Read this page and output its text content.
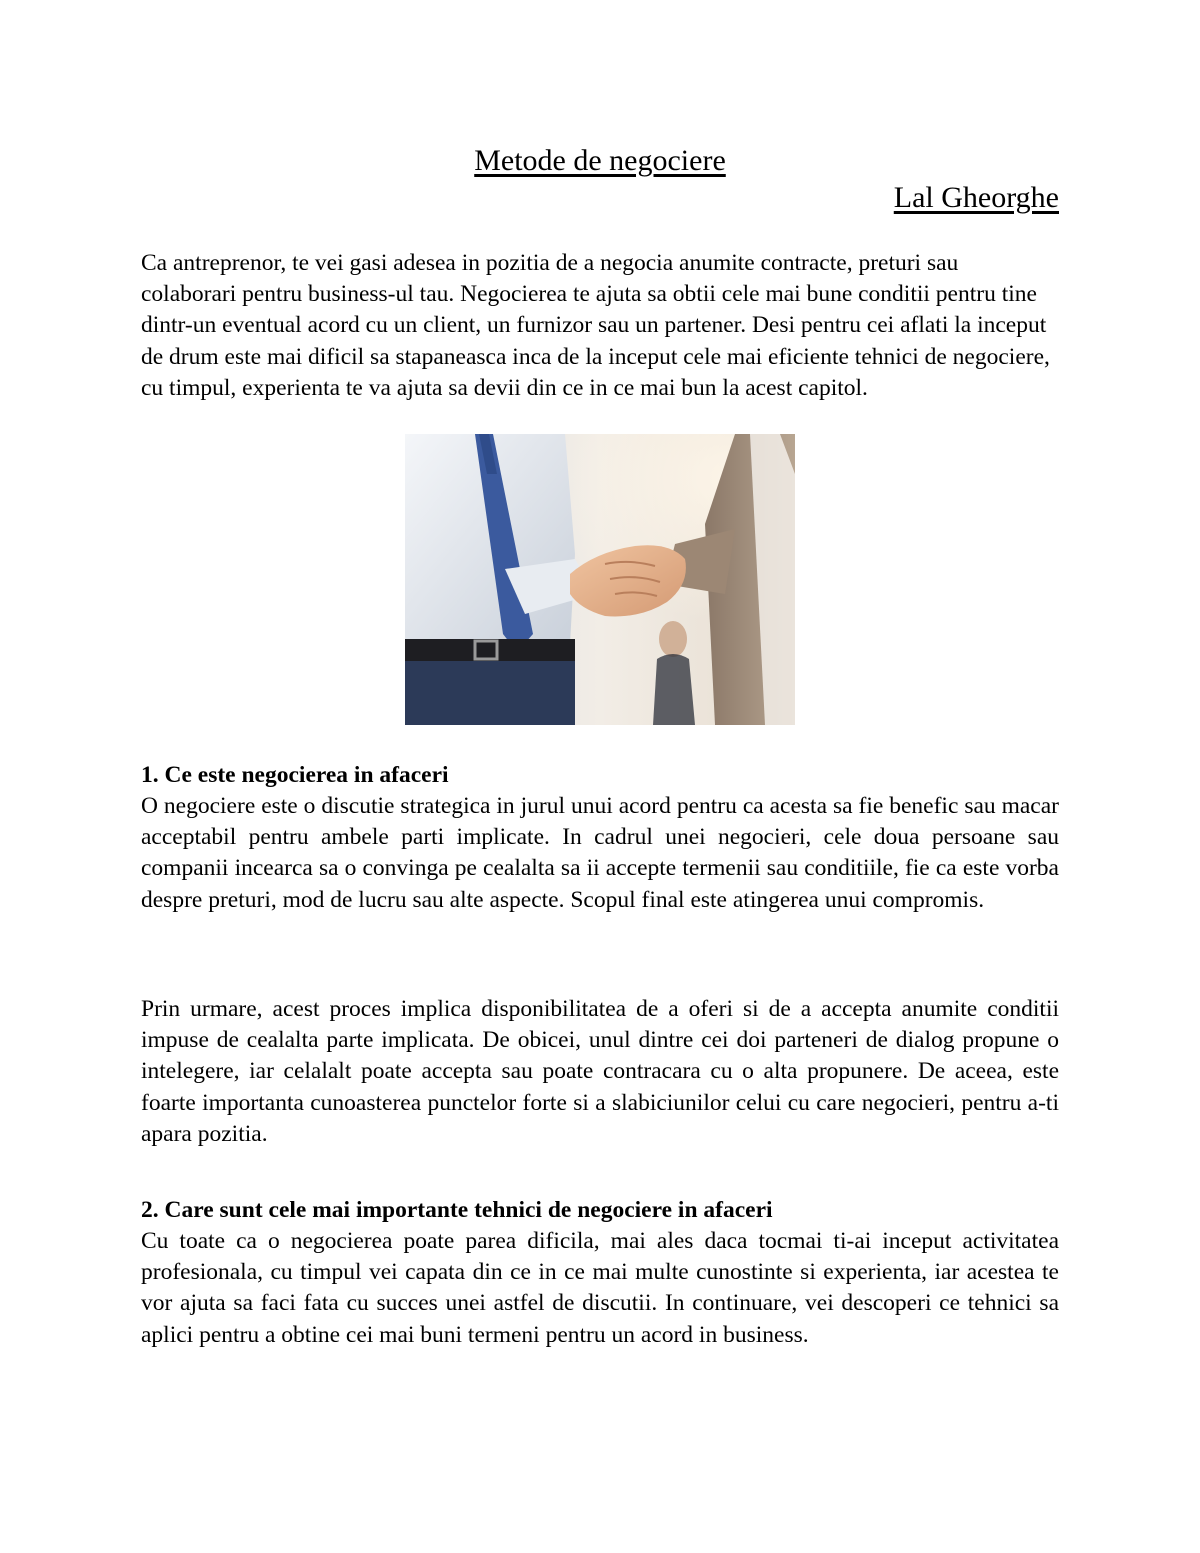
Metode de negociere
Lal Gheorghe

Ca antreprenor, te vei gasi adesea in pozitia de a negocia anumite contracte, preturi sau colaborari pentru business-ul tau. Negocierea te ajuta sa obtii cele mai bune conditii pentru tine dintr-un eventual acord cu un client, un furnizor sau un partener. Desi pentru cei aflati la inceput de drum este mai dificil sa stapaneasca inca de la inceput cele mai eficiente tehnici de negociere, cu timpul, experienta te va ajuta sa devii din ce in ce mai bun la acest capitol.

1. Ce este negocierea in afaceri

O negociere este o discutie strategica in jurul unui acord pentru ca acesta sa fie benefic sau macar acceptabil pentru ambele parti implicate. In cadrul unei negocieri, cele doua persoane sau companii incearca sa o convinga pe cealalta sa ii accepte termenii sau conditiile, fie ca este vorba despre preturi, mod de lucru sau alte aspecte. Scopul final este atingerea unui compromis.

Prin urmare, acest proces implica disponibilitatea de a oferi si de a accepta anumite conditii impuse de cealalta parte implicata. De obicei, unul dintre cei doi parteneri de dialog propune o intelegere, iar celalalt poate accepta sau poate contracara cu o alta propunere. De aceea, este foarte importanta cunoasterea punctelor forte si a slabiciunilor celui cu care negocieri, pentru a-ti apara pozitia.

2. Care sunt cele mai importante tehnici de negociere in afaceri

Cu toate ca o negocierea poate parea dificila, mai ales daca tocmai ti-ai inceput activitatea profesionala, cu timpul vei capata din ce in ce mai multe cunostinte si experienta, iar acestea te vor ajuta sa faci fata cu succes unei astfel de discutii. In continuare, vei descoperi ce tehnici sa aplici pentru a obtine cei mai buni termeni pentru un acord in business.
